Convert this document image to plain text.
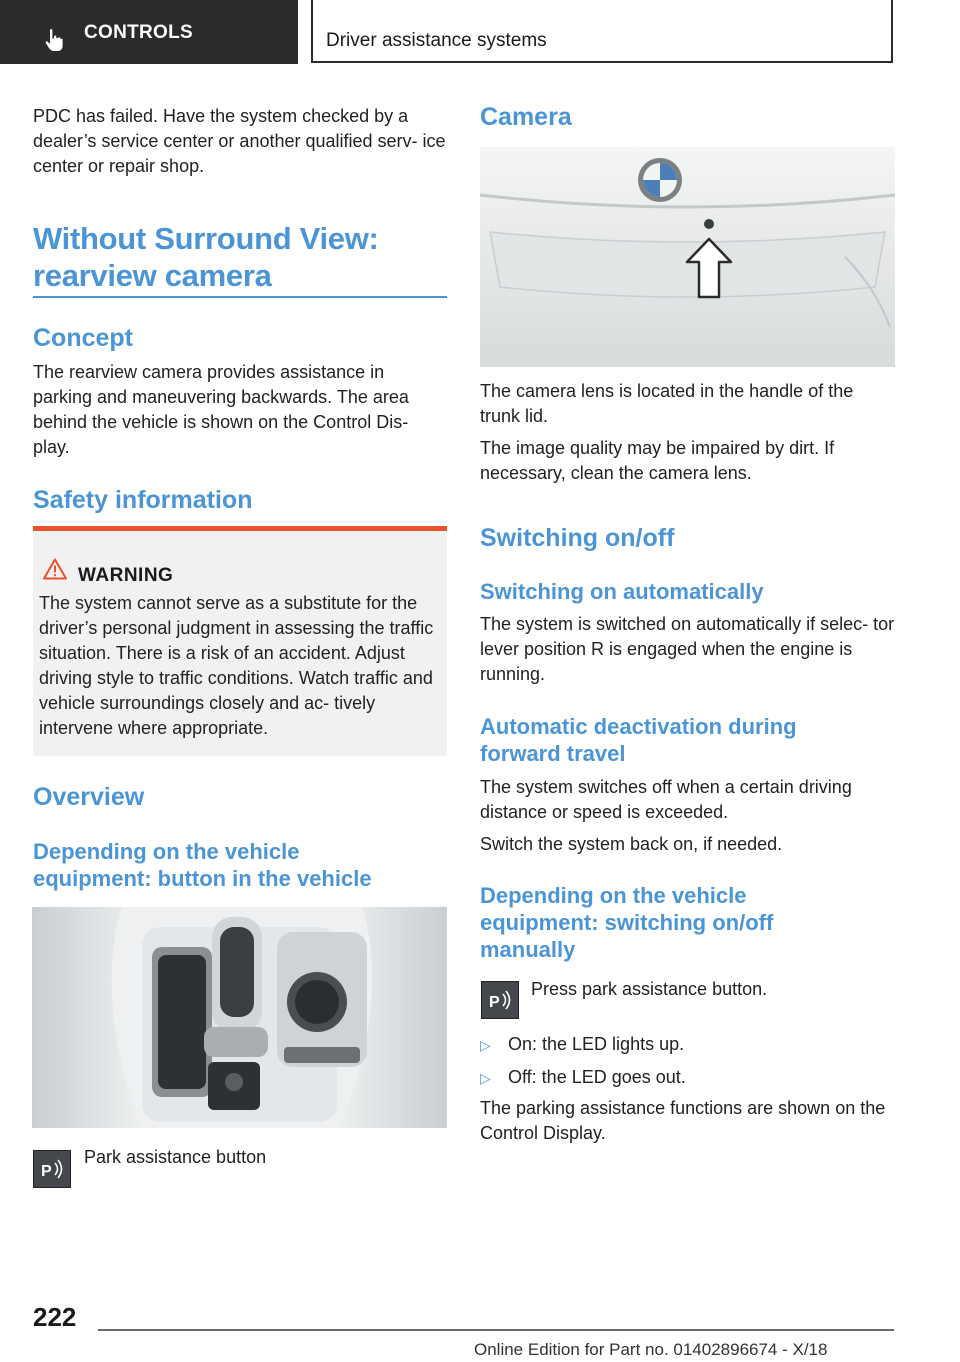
CONTROLS	Driver assistance systems

PDC has failed. Have the system checked by a dealer’s service center or another qualified serv‐ ice center or repair shop.

Without Surround View:
rearview camera
Concept

The rearview camera provides assistance in parking and maneuvering backwards. The area behind the vehicle is shown on the Control Dis‐ play.

Safety information
WARNING
The system cannot serve as a substitute for the driver’s personal judgment in assessing the traffic situation. There is a risk of an accident. Adjust driving style to traffic conditions. Watch traffic and vehicle surroundings closely and ac‐ tively intervene where appropriate.
Overview
Depending on the vehicle
equipment: button in the vehicle
P

Park assistance button

Camera

The camera lens is located in the handle of the trunk lid.

The image quality may be impaired by dirt. If necessary, clean the camera lens.

Switching on/off
Switching on automatically

The system is switched on automatically if selec‐ tor lever position R is engaged when the engine is running.

Automatic deactivation during
forward travel

The system switches off when a certain driving distance or speed is exceeded.

Switch the system back on, if needed.

Depending on the vehicle
equipment: switching on/off
manually
P

Press park assistance button.

▷ On: the LED lights up.
▷ Off: the LED goes out.

The parking assistance functions are shown on the Control Display.

222
Online Edition for Part no. 01402896674 - X/18
